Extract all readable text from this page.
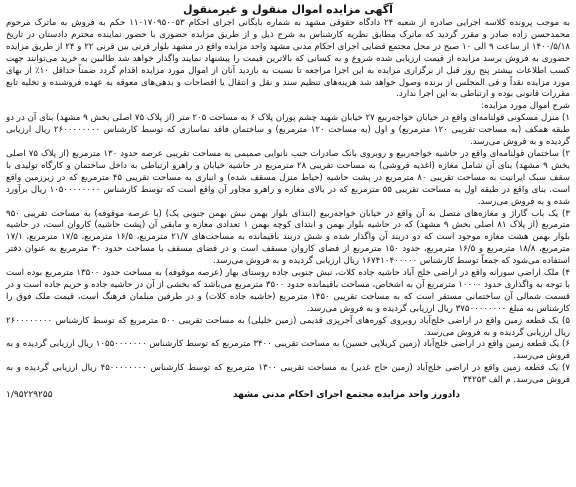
آگهی مزایده اموال منقول و غیرمنقول

به موجب پرونده کلاسه اجرایی صادره از شعبه ۲۴ دادگاه حقوقی مشهد به شماره بایگانی اجرای احکام ۱۱۰۱۷۰۹۵۰۰۵۳ حکم به فروش به ماترک مرحوم محمدحسن زاده صادر و مقرر گردید که ماترک مطابق نظریه کارشناس به شرح ذیل و از طریق مزایده حضوری با حضور نماینده محترم دادستان در تاریخ ۱۴۰۰/۵/۱۸ از ساعت ۹ الی ۱۰ صبح در محل مجتمع قضایی اجرای احکام مدنی مشهد واحد مزایده واقع در مشهد بلوار قرنی بین قرنی ۲۲ و ۲۴ از طریق مزایده حضوری به فروش برسد مزایده از قیمت ارزیابی شده شروع و به کسانی که بالاترین قیمت را پیشنهاد نمایند واگذار خواهد شد طالبین به خرید می‌توانند جهت کسب اطلاعات بیشتر پنج روز قبل از برگزاری مزایده به این اجرا مراجعه تا نسبت به بازدید آنان از اموال مورد مزایده اقدام گردد ضمناً حداقل ۱۰٪ از بهای مورد مزایده نقداً و فی المجلس از برنده وصول خواهد شد هزینه‌های تنظیم سند و نقل و انتقال یا افصاحات و بدهی‌های معوقه به عهده فروشنده و تخلیه تابع مقررات قانونی بوده و ارتباطی به این اجرا ندارد.

شرح اموال مورد مزایده:

۱) منزل مسکونی قولنامه‌ای واقع در خیابان خواجه‌ربیع ۲۷ خیابان شهید چشم پوران پلاک ۶ به مساحت ۲۰۵ متر (از پلاک ۷۵ اصلی بخش ۹ مشهد) بنای آن در دو طبقه همکف (به مساحت تقریبی ۱۲۰ مترمربع) و اول (به مساحت ۱۲۰ مترمربع) و ساختمان فاقد نماسازی که توسط کارشناس ۲۶۰۰۰۰۰۰۰۰ ریال ارزیابی گردیده و به فروش می‌رسد.

۲) ساختمان قولنامه‌ای واقع در حاشیه خواجه‌ربیع و روبروی بانک صادرات جنب نانوایی صمیمی به مساحت تقریبی عرصه حدود ۱۳۰ مترمربع (از پلاک ۷۵ اصلی بخش ۹ مشهد) بنای آن شامل مغازه (اغذیه فروشی) به مساحت تقریبی ۲۸ مترمربع در حاشیه خیابان و راهرو ارتباطی به داخل ساختمان و کارگاه تولیدی با سقف سبک ایرانیت به مساحت تقریبی ۸۰ مترمربع در پشت حاشیه (حیاط منزل مسقف شده) و انباری به مساحت تقریبی ۴۵ مترمربع که در زیرزمین واقع است. بنای واقع در طبقه اول به مساحت تقریبی ۵۵ مترمربع که در بالای مغازه و راهرو مجاور آن واقع است که توسط کارشناس ۱۰۵۰۰۰۰۰۰۰۰ ریال برآورد شده و به فروش می‌رسد.

۳) یک باب گاراژ و مغازه‌های متصل به آن واقع در خیابان خواجه‌ربیع (ابتدای بلوار بهمن نبش بهمن جنوبی یک) (با عرصه موقوفه) به مساحت تقریبی ۹۵۰ مترمربع (از پلاک ۸۱ اصلی بخش ۹ مشهد) که در حاشیه بلوار بهمن و ابتدای کوچه بهمن ۱ تعدادی مغازه و مابقی آن (پشت حاشیه) کاروان است، در حاشیه بلوار بهمن هشت مغازه موجود است که دو دربند آن واگذار شده و شش دربند باقیمانده به مساحت‌های ۲۱/۷ مترمربع، ۱۶/۵ مترمربع، ۱۷/۵ مترمربع، ۱۷/۱ مترمربع، ۱۸/۸ مترمربع و ۱۶/۵ مترمربع، حدود ۱۵۰ مترمربع از فضای کاروان مسقف است و در فضای مسقف با مساحت حدود ۳۰ مترمربع به عنوان دفتر استفاده می‌شود که جمعاً توسط کارشناس ۱۶۷۴۱۰۴۰۰۰۰۰ ریال ارزیابی گردیده و به فروش می‌رسد.

۴) ملک اراضی سورانه واقع در اراضی خلج آباد حاشیه جاده کلات، نبش جنوبی جاده روستای بهار (عرصه موقوفه) به مساحت حدود ۱۳۵۰۰ مترمربع بوده است با توجه به واگذاری حدود ۱۰۰۰۰ مترمربع آن به اشخاص، مساحت باقیمانده حدود ۳۵۰۰ مترمربع می‌باشد که بخشی از آن در حاشیه جاده و حریم جاده است و در قسمت شمالی آن ساختمانی مستقر است که به مساحت تقریبی ۱۴۵۰ مترمربع (حاشیه جاده کلات) و در طرفین مبلمان فرهنگ است، قیمت ملک فوق را کارشناس به مبلغ ۳۷۵۰۰۰۰۰۰۰۰ ریال ارزیابی گردیده و به فروش می‌رسد.

۵) یک قطعه زمین واقع در اراضی خلج‌آباد روبروی کوره‌های آجرپزی قدیمی (زمین خلیلی) به مساحت تقریبی ۵۰۰ مترمربع که توسط کارشناس ۲۶۰۰۰۰۰۰۰۰ ریال ارزیابی گردیده و به فروش می‌رسد.

۶) یک قطعه زمین واقع در اراضی خلج‌آباد (زمین کربلایی حسین) به مساحت تقریبی ۳۴۰۰ مترمربع که توسط کارشناس ۱۰۵۵۰۰۰۰۰۰۰ ریال ارزیابی گردیده و به فروش می‌رسد.

۷) یک قطعه زمین واقع در اراضی خلج‌آباد (زمین حاج غدیر) به مساحت تقریبی ۱۳۰۰ مترمربع که توسط کارشناس ۴۵۰۰۰۰۰۰۰۰ ریال ارزیابی گردیده و به فروش می‌رسد. م الف ۳۴۲۵۳

۱/۹۵۲۲۹۲۵۵	دادورز واحد مزایده مجتمع اجرای احکام مدنی مشهد
